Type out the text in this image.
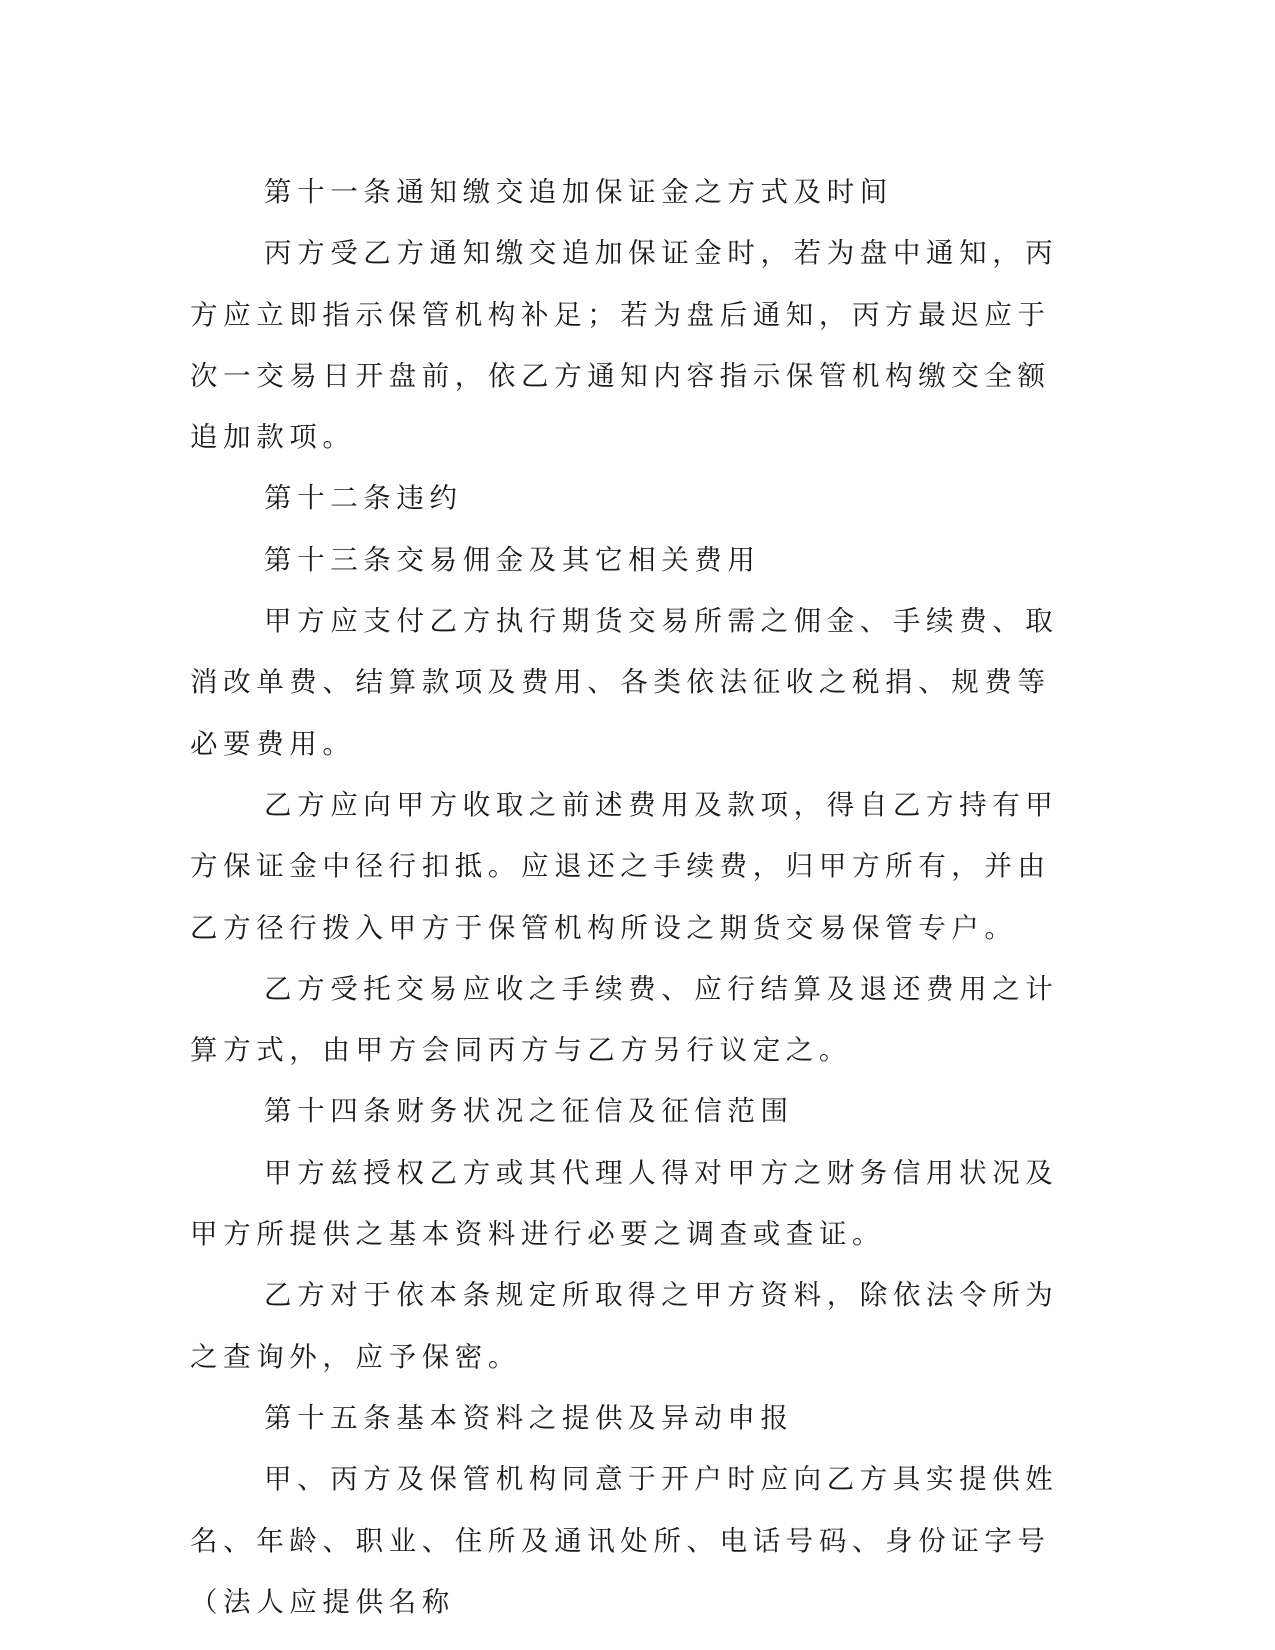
第十一条通知缴交追加保证金之方式及时间

丙方受乙方通知缴交追加保证金时，若为盘中通知，丙方应立即指示保管机构补足；若为盘后通知，丙方最迟应于次一交易日开盘前，依乙方通知内容指示保管机构缴交全额追加款项。

第十二条违约

第十三条交易佣金及其它相关费用

甲方应支付乙方执行期货交易所需之佣金、手续费、取消改单费、结算款项及费用、各类依法征收之税捐、规费等必要费用。

乙方应向甲方收取之前述费用及款项，得自乙方持有甲方保证金中径行扣抵。应退还之手续费，归甲方所有，并由乙方径行拨入甲方于保管机构所设之期货交易保管专户。

乙方受托交易应收之手续费、应行结算及退还费用之计算方式，由甲方会同丙方与乙方另行议定之。

第十四条财务状况之征信及征信范围

甲方兹授权乙方或其代理人得对甲方之财务信用状况及甲方所提供之基本资料进行必要之调查或查证。

乙方对于依本条规定所取得之甲方资料，除依法令所为之查询外，应予保密。

第十五条基本资料之提供及异动申报

甲、丙方及保管机构同意于开户时应向乙方具实提供姓名、年龄、职业、住所及通讯处所、电话号码、身份证字号（法人应提供名称
